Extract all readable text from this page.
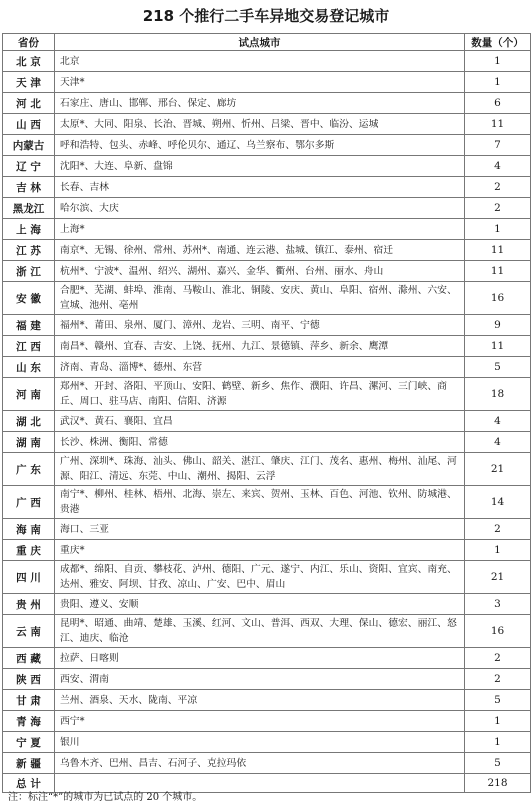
218 个推行二手车异地交易登记城市
省份	试点城市	数量（个）
北 京	北京	1
天 津	天津*	1
河 北	石家庄、唐山、邯郸、邢台、保定、廊坊	6
山 西	太原*、大同、阳泉、长治、晋城、朔州、忻州、吕梁、晋中、临汾、运城	11
内蒙古	呼和浩特、包头、赤峰、呼伦贝尔、通辽、乌兰察布、鄂尔多斯	7
辽 宁	沈阳*、大连、阜新、盘锦	4
吉 林	长春、吉林	2
黑龙江	哈尔滨、大庆	2
上 海	上海*	1
江 苏	南京*、无锡、徐州、常州、苏州*、南通、连云港、盐城、镇江、泰州、宿迁	11
浙 江	杭州*、宁波*、温州、绍兴、湖州、嘉兴、金华、衢州、台州、丽水、舟山	11
安 徽	合肥*、芜湖、蚌埠、淮南、马鞍山、淮北、铜陵、安庆、黄山、阜阳、宿州、滁州、六安、宣城、池州、亳州	16
福 建	福州*、莆田、泉州、厦门、漳州、龙岩、三明、南平、宁德	9
江 西	南昌*、赣州、宜春、吉安、上饶、抚州、九江、景德镇、萍乡、新余、鹰潭	11
山 东	济南、青岛、淄博*、德州、东营	5
河 南	郑州*、开封、洛阳、平顶山、安阳、鹤壁、新乡、焦作、濮阳、许昌、漯河、三门峡、商丘、周口、驻马店、南阳、信阳、济源	18
湖 北	武汉*、黄石、襄阳、宜昌	4
湖 南	长沙、株洲、衡阳、常德	4
广 东	广州、深圳*、珠海、汕头、佛山、韶关、湛江、肇庆、江门、茂名、惠州、梅州、汕尾、河源、阳江、清远、东莞、中山、潮州、揭阳、云浮	21
广 西	南宁*、柳州、桂林、梧州、北海、崇左、来宾、贺州、玉林、百色、河池、钦州、防城港、贵港	14
海 南	海口、三亚	2
重 庆	重庆*	1
四 川	成都*、绵阳、自贡、攀枝花、泸州、德阳、广元、遂宁、内江、乐山、资阳、宜宾、南充、达州、雅安、阿坝、甘孜、凉山、广安、巴中、眉山	21
贵 州	贵阳、遵义、安顺	3
云 南	昆明*、昭通、曲靖、楚雄、玉溪、红河、文山、普洱、西双、大理、保山、德宏、丽江、怒江、迪庆、临沧	16
西 藏	拉萨、日喀则	2
陕 西	西安、渭南	2
甘 肃	兰州、酒泉、天水、陇南、平凉	5
青 海	西宁*	1
宁 夏	银川	1
新 疆	乌鲁木齐、巴州、昌吉、石河子、克拉玛依	5
总 计		218
注：标注“*”的城市为已试点的 20 个城市。
